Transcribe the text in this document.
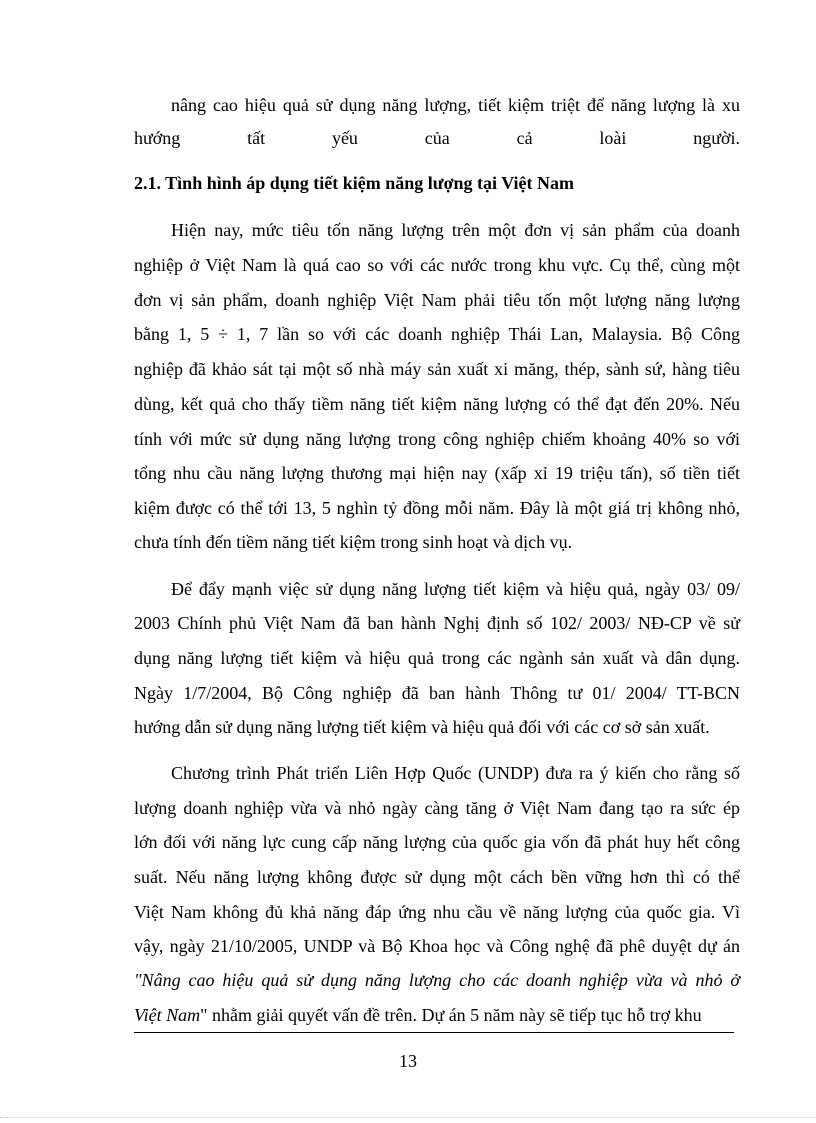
nâng cao hiệu quả sử dụng năng lượng, tiết kiệm triệt để năng lượng là xu
hướng tất yếu của cả loài người.
2.1. Tình hình áp dụng tiết kiệm năng lượng tại Việt Nam
Hiện nay, mức tiêu tốn năng lượng trên một đơn vị sản phẩm của doanh
nghiệp ở Việt Nam là quá cao so với các nước trong khu vực. Cụ thể, cùng một
đơn vị sản phẩm, doanh nghiệp Việt Nam phải tiêu tốn một lượng năng lượng
bằng 1, 5 ÷ 1, 7 lần so với các doanh nghiệp Thái Lan, Malaysia. Bộ Công
nghiệp đã khảo sát tại một số nhà máy sản xuất xi măng, thép, sành sứ, hàng tiêu
dùng, kết quả cho thấy tiềm năng tiết kiệm năng lượng có thể đạt đến 20%. Nếu
tính với mức sử dụng năng lượng trong công nghiệp chiếm khoảng 40% so với
tổng nhu cầu năng lượng thương mại hiện nay (xấp xỉ 19 triệu tấn), số tiền tiết
kiệm được có thể tới 13, 5 nghìn tỷ đồng mỗi năm. Đây là một giá trị không nhỏ,
chưa tính đến tiềm năng tiết kiệm trong sinh hoạt và dịch vụ.
Để đẩy mạnh việc sử dụng năng lượng tiết kiệm và hiệu quả, ngày 03/ 09/
2003 Chính phủ Việt Nam đã ban hành Nghị định số 102/ 2003/ NĐ-CP về sử
dụng năng lượng tiết kiệm và hiệu quả trong các ngành sản xuất và dân dụng.
Ngày 1/7/2004, Bộ Công nghiệp đã ban hành Thông tư 01/ 2004/ TT-BCN
hướng dẫn sử dụng năng lượng tiết kiệm và hiệu quả đối với các cơ sở sản xuất.
Chương trình Phát triển Liên Hợp Quốc (UNDP) đưa ra ý kiến cho rằng số
lượng doanh nghiệp vừa và nhỏ ngày càng tăng ở Việt Nam đang tạo ra sức ép
lớn đối với năng lực cung cấp năng lượng của quốc gia vốn đã phát huy hết công
suất. Nếu năng lượng không được sử dụng một cách bền vững hơn thì có thể
Việt Nam không đủ khả năng đáp ứng nhu cầu về năng lượng của quốc gia. Vì
vậy, ngày 21/10/2005, UNDP và Bộ Khoa học và Công nghệ đã phê duyệt dự án
"Nâng cao hiệu quả sử dụng năng lượng cho các doanh nghiệp vừa và nhỏ ở
Việt Nam" nhằm giải quyết vấn đề trên. Dự án 5 năm này sẽ tiếp tục hỗ trợ khu
13
